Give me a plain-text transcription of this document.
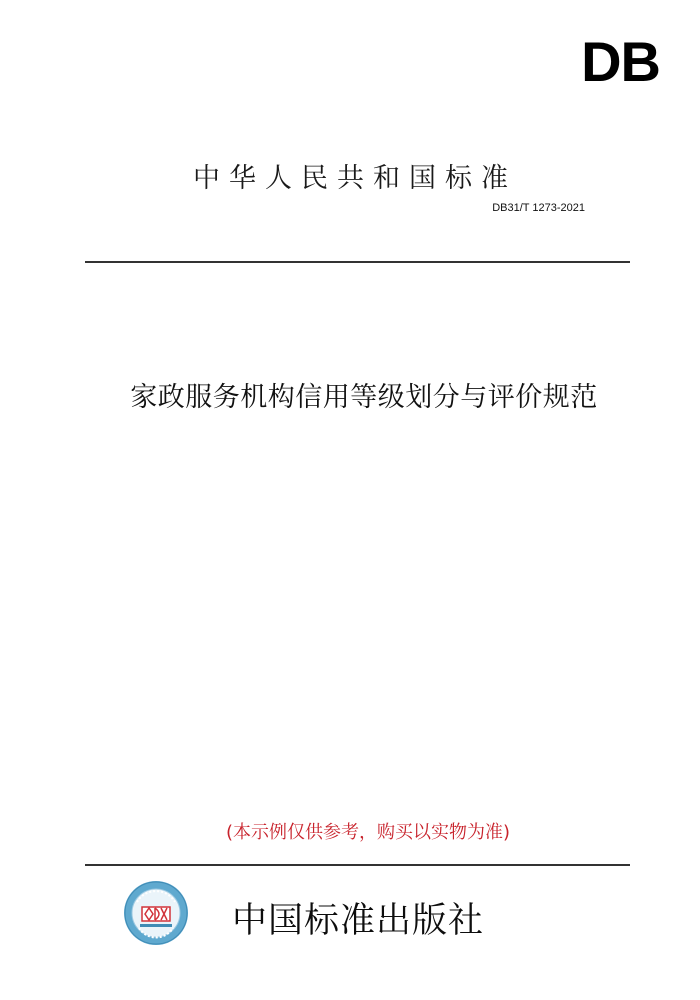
DB
中华人民共和国标准
DB31/T 1273-2021
家政服务机构信用等级划分与评价规范
(本示例仅供参考，购买以实物为准)
中国标准出版社
